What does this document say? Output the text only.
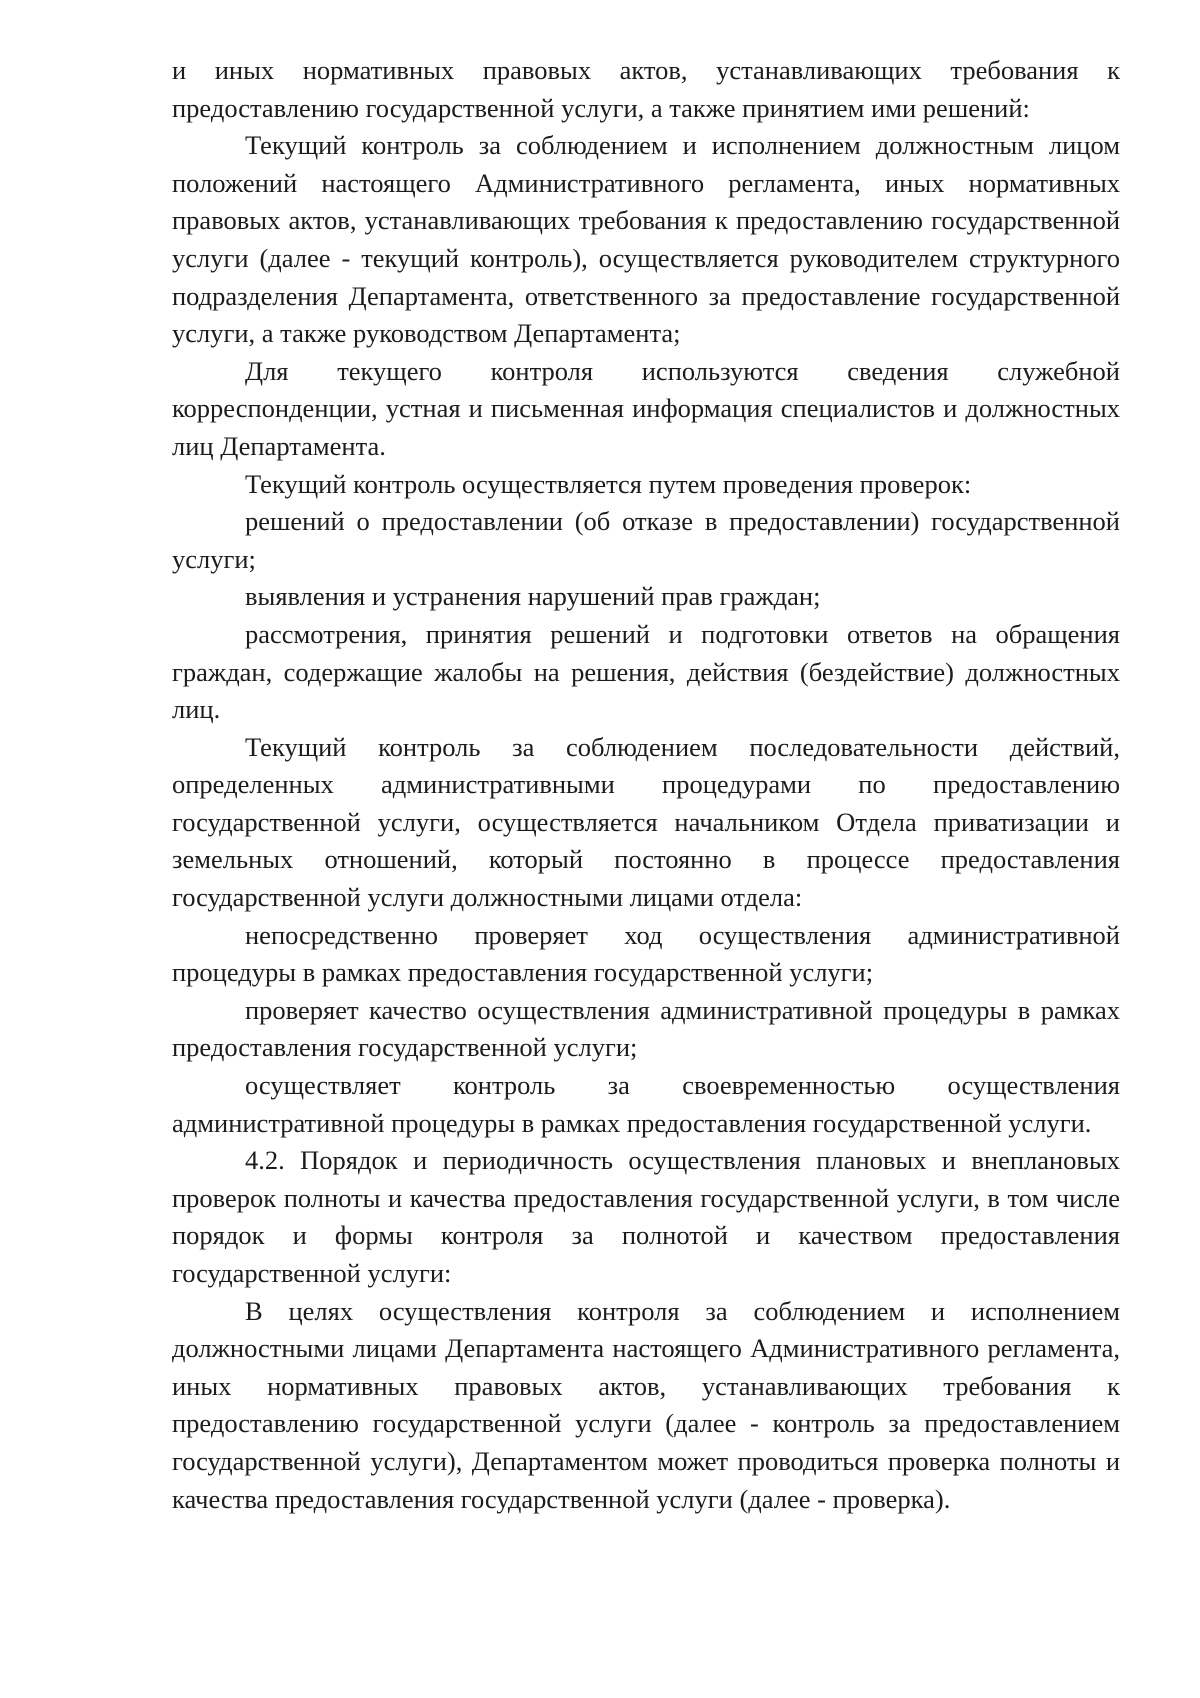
и иных нормативных правовых актов, устанавливающих требования к предоставлению государственной услуги, а также принятием ими решений:

Текущий контроль за соблюдением и исполнением должностным лицом положений настоящего Административного регламента, иных нормативных правовых актов, устанавливающих требования к предоставлению государственной услуги (далее - текущий контроль), осуществляется руководителем структурного подразделения Департамента, ответственного за предоставление государственной услуги, а также руководством Департамента;

Для текущего контроля используются сведения служебной корреспонденции, устная и письменная информация специалистов и должностных лиц Департамента.

Текущий контроль осуществляется путем проведения проверок:

решений о предоставлении (об отказе в предоставлении) государственной услуги;

выявления и устранения нарушений прав граждан;

рассмотрения, принятия решений и подготовки ответов на обращения граждан, содержащие жалобы на решения, действия (бездействие) должностных лиц.

Текущий контроль за соблюдением последовательности действий, определенных административными процедурами по предоставлению государственной услуги, осуществляется начальником Отдела приватизации и земельных отношений, который постоянно в процессе предоставления государственной услуги должностными лицами отдела:

непосредственно проверяет ход осуществления административной процедуры в рамках предоставления государственной услуги;

проверяет качество осуществления административной процедуры в рамках предоставления государственной услуги;

осуществляет контроль за своевременностью осуществления административной процедуры в рамках предоставления государственной услуги.

4.2. Порядок и периодичность осуществления плановых и внеплановых проверок полноты и качества предоставления государственной услуги, в том числе порядок и формы контроля за полнотой и качеством предоставления государственной услуги:

В целях осуществления контроля за соблюдением и исполнением должностными лицами Департамента настоящего Административного регламента, иных нормативных правовых актов, устанавливающих требования к предоставлению государственной услуги (далее - контроль за предоставлением государственной услуги), Департаментом может проводиться проверка полноты и качества предоставления государственной услуги (далее - проверка).
